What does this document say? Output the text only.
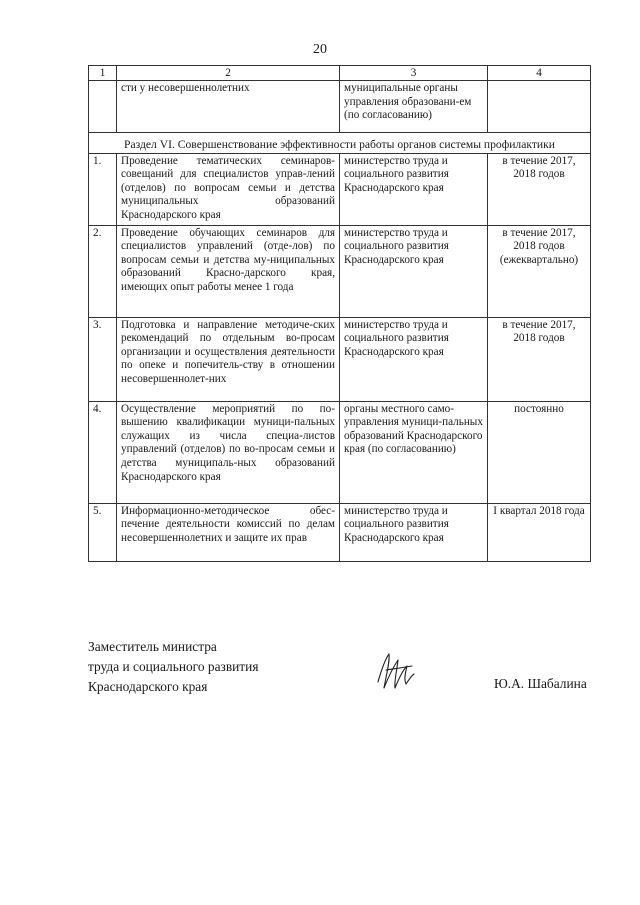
20
1	2	3	4
	сти у несовершеннолетних	муниципальные органы управления образовани-ем (по согласованию)	
Раздел VI. Совершенствование эффективности работы органов системы профилактики			
1.	Проведение тематических семинаров-совещаний для специалистов управ-лений (отделов) по вопросам семьи и детства муниципальных образований Краснодарского края	министерство труда и социального развития Краснодарского края	в течение 2017, 2018 годов
2.	Проведение обучающих семинаров для специалистов управлений (отде-лов) по вопросам семьи и детства му-ниципальных образований Красно-дарского края, имеющих опыт работы менее 1 года	министерство труда и социального развития Краснодарского края	в течение 2017, 2018 годов (ежеквартально)
3.	Подготовка и направление методиче-ских рекомендаций по отдельным во-просам организации и осуществления деятельности по опеке и попечитель-ству в отношении несовершеннолет-них	министерство труда и социального развития Краснодарского края	в течение 2017, 2018 годов
4.	Осуществление мероприятий по по-вышению квалификации муници-пальных служащих из числа специа-листов управлений (отделов) по во-просам семьи и детства муниципаль-ных образований Краснодарского края	органы местного само-управления муници-пальных образований Краснодарского края (по согласованию)	постоянно
5.	Информационно-методическое обес-печение деятельности комиссий по делам несовершеннолетних и защите их прав	министерство труда и социального развития Краснодарского края	I квартал 2018 года
Заместитель министра
труда и социального развития
Краснодарского края	Ю.А. Шабалина
